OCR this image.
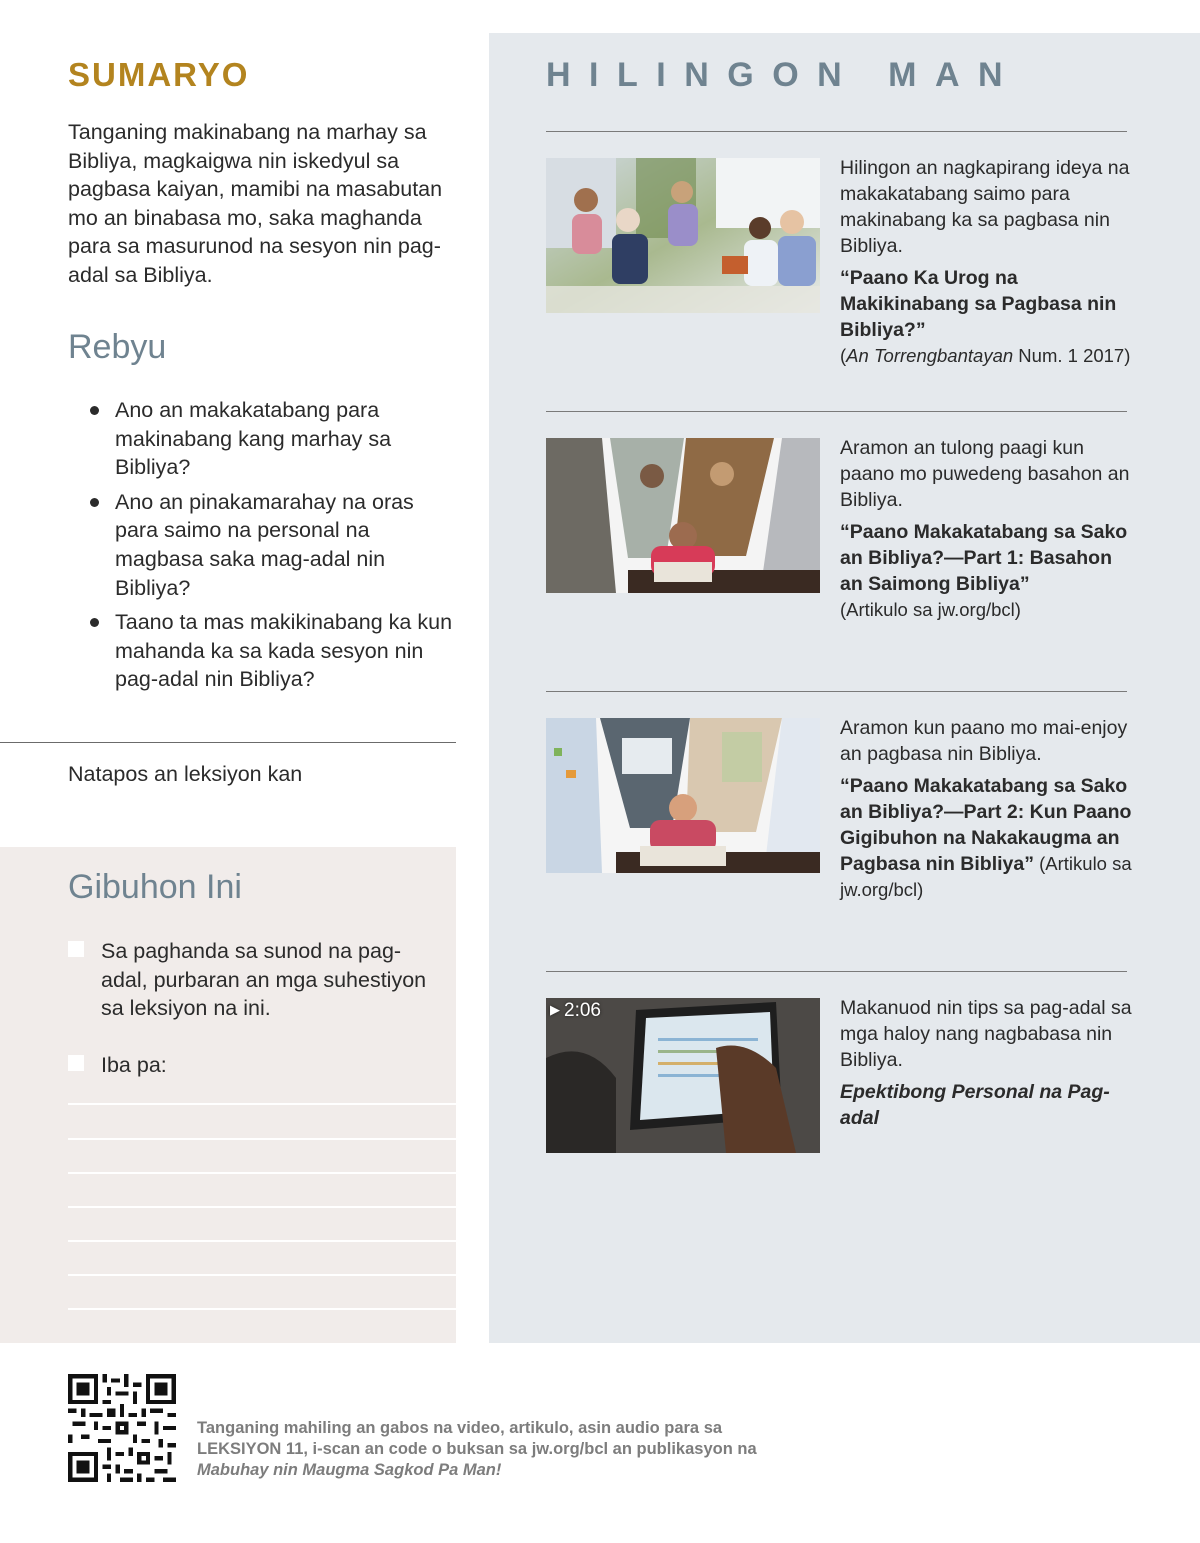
SUMARYO

Tanganing makinabang na marhay sa Bibliya, magkaigwa nin iskedyul sa pagbasa kaiyan, mamibi na masabutan mo an binabasa mo, saka maghanda para sa masurunod na sesyon nin pag-adal sa Bibliya.

Rebyu
Ano an makakatabang para makinabang kang marhay sa Bibliya?
Ano an pinakamarahay na oras para saimo na personal na magbasa saka mag-adal nin Bibliya?
Taano ta mas makikinabang ka kun mahanda ka sa kada sesyon nin pag-adal nin Bibliya?
Natapos an leksiyon kan
Gibuhon Ini
Sa paghanda sa sunod na pag-adal, purbaran an mga suhestiyon sa leksiyon na ini.
Iba pa:
HILINGON MAN
Hilingon an nagkapirang ideya na makakatabang saimo para makinabang ka sa pagbasa nin Bibliya.
“Paano Ka Urog na Makikinabang sa Pagbasa nin Bibliya?”
(An Torrengbantayan Num. 1 2017)
Aramon an tulong paagi kun paano mo puwedeng basahon an Bibliya.
“Paano Makakatabang sa Sako an Bibliya?—Part 1: Basahon an Saimong Bibliya”
(Artikulo sa jw.org/bcl)
Aramon kun paano mo mai-enjoy an pagbasa nin Bibliya.
“Paano Makakatabang sa Sako an Bibliya?—Part 2: Kun Paano Gigibuhon na Nakakaugma an Pagbasa nin Bibliya” (Artikulo sa jw.org/bcl)
▶ 2:06	Makanuod nin tips sa pag-adal sa mga haloy nang nagbabasa nin Bibliya.
Epektibong Personal na Pag-adal
Tanganing mahiling an gabos na video, artikulo, asin audio para sa LEKSIYON 11, i-scan an code o buksan sa jw.org/bcl an publikasyon na Mabuhay nin Maugma Sagkod Pa Man!
